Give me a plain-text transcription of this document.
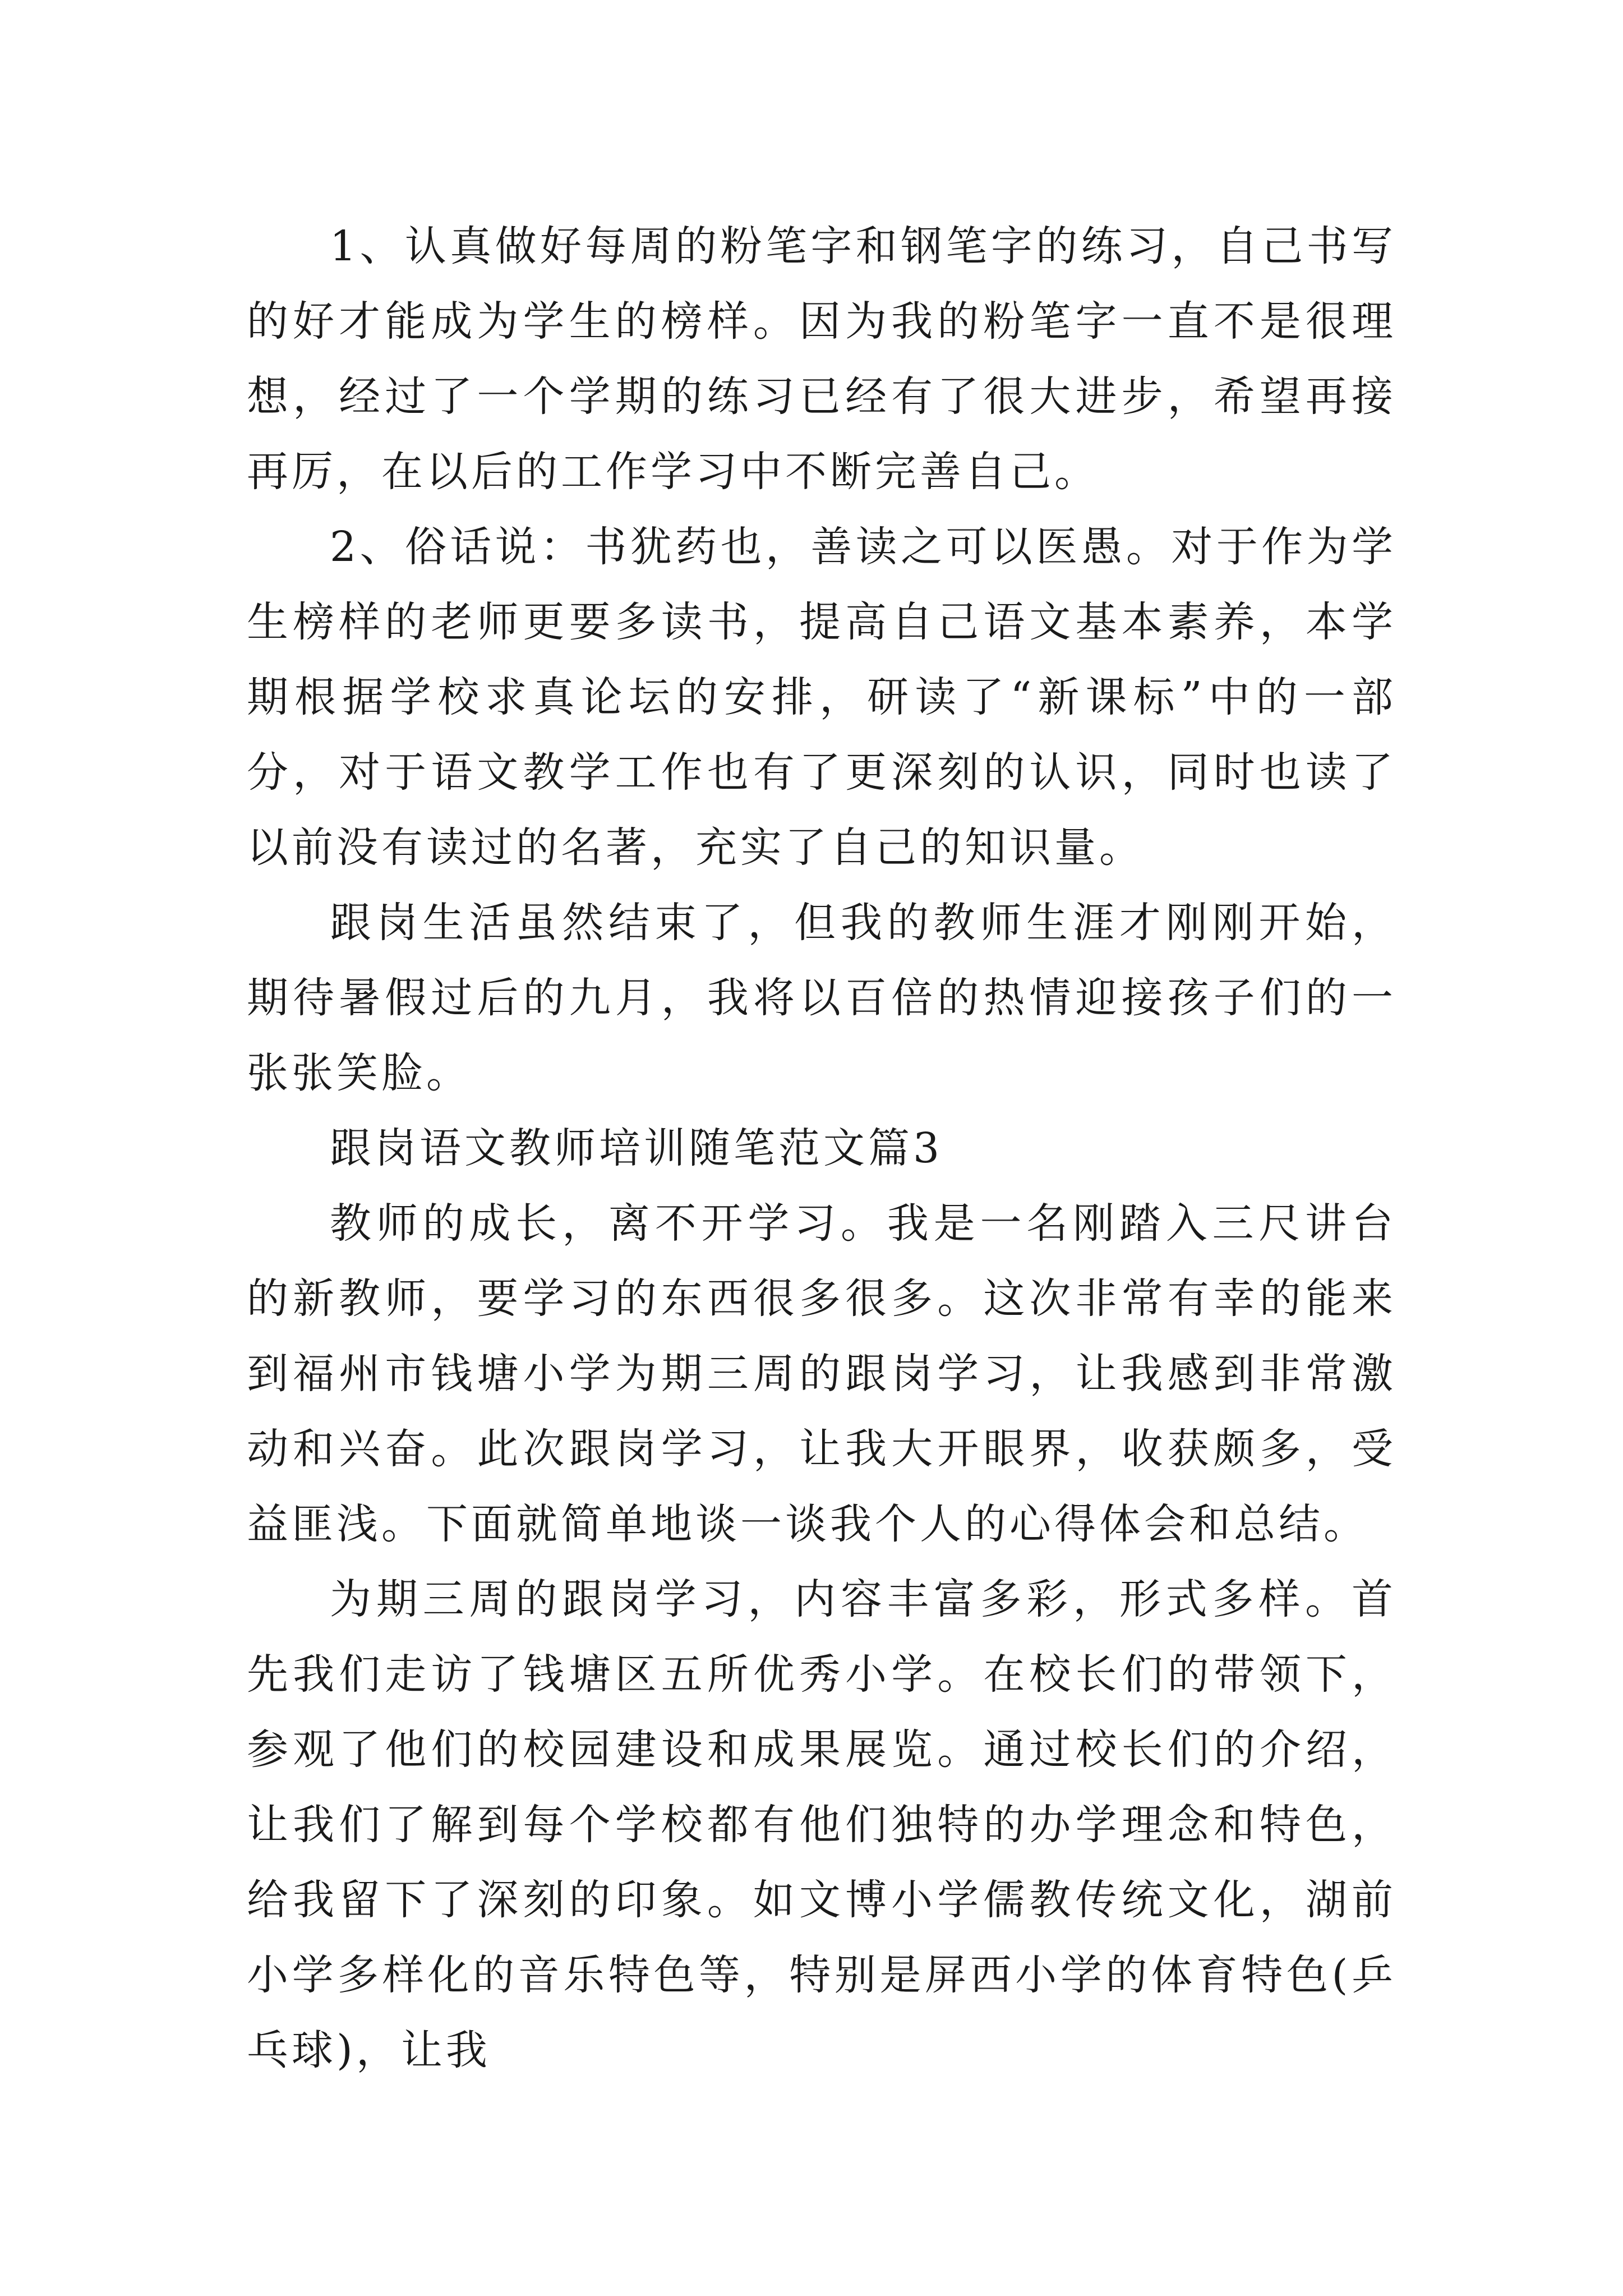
1、认真做好每周的粉笔字和钢笔字的练习，自己书写的好才能成为学生的榜样。因为我的粉笔字一直不是很理想，经过了一个学期的练习已经有了很大进步，希望再接再厉，在以后的工作学习中不断完善自己。

2、俗话说：书犹药也，善读之可以医愚。对于作为学生榜样的老师更要多读书，提高自己语文基本素养，本学期根据学校求真论坛的安排，研读了“新课标”中的一部分，对于语文教学工作也有了更深刻的认识，同时也读了以前没有读过的名著，充实了自己的知识量。

跟岗生活虽然结束了，但我的教师生涯才刚刚开始，期待暑假过后的九月，我将以百倍的热情迎接孩子们的一张张笑脸。

跟岗语文教师培训随笔范文篇3

教师的成长，离不开学习。我是一名刚踏入三尺讲台的新教师，要学习的东西很多很多。这次非常有幸的能来到福州市钱塘小学为期三周的跟岗学习，让我感到非常激动和兴奋。此次跟岗学习，让我大开眼界，收获颇多，受益匪浅。下面就简单地谈一谈我个人的心得体会和总结。

为期三周的跟岗学习，内容丰富多彩，形式多样。首先我们走访了钱塘区五所优秀小学。在校长们的带领下，参观了他们的校园建设和成果展览。通过校长们的介绍，让我们了解到每个学校都有他们独特的办学理念和特色，给我留下了深刻的印象。如文博小学儒教传统文化，湖前小学多样化的音乐特色等，特别是屏西小学的体育特色(乒乓球)，让我
